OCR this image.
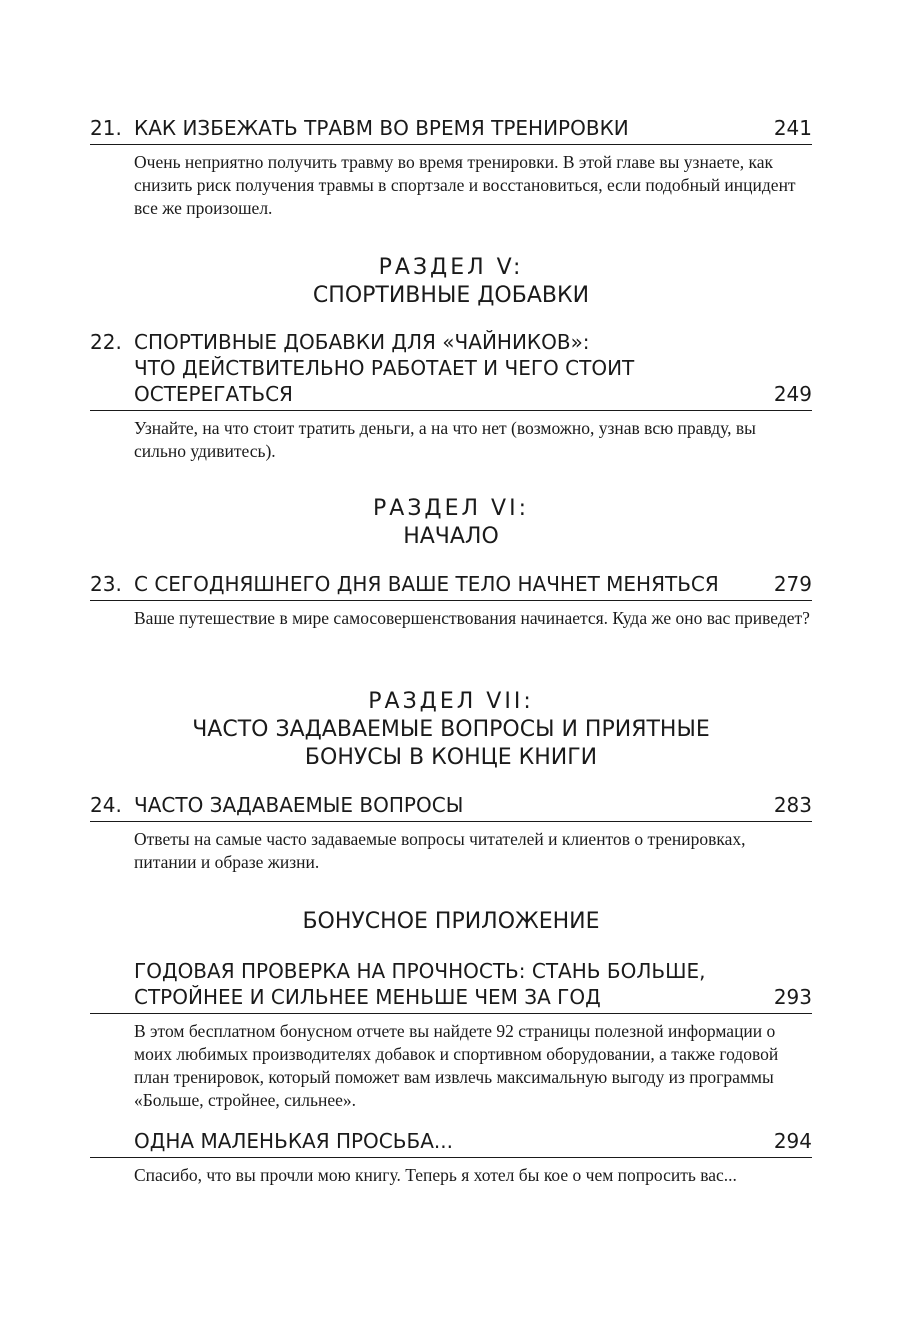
21. КАК ИЗБЕЖАТЬ ТРАВМ ВО ВРЕМЯ ТРЕНИРОВКИ	241
Очень неприятно получить травму во время тренировки. В этой главе вы узнаете, как снизить риск получения травмы в спортзале и восстановиться, если подобный инцидент все же произошел.
РАЗДЕЛ V:
СПОРТИВНЫЕ ДОБАВКИ
22. СПОРТИВНЫЕ ДОБАВКИ ДЛЯ «ЧАЙНИКОВ»:
ЧТО ДЕЙСТВИТЕЛЬНО РАБОТАЕТ И ЧЕГО СТОИТ
ОСТЕРЕГАТЬСЯ	249
Узнайте, на что стоит тратить деньги, а на что нет (возможно, узнав всю правду, вы сильно удивитесь).
РАЗДЕЛ VI:
НАЧАЛО
23. С СЕГОДНЯШНЕГО ДНЯ ВАШЕ ТЕЛО НАЧНЕТ МЕНЯТЬСЯ	279
Ваше путешествие в мире самосовершенствования начинается. Куда же оно вас приведет?
РАЗДЕЛ VII:
ЧАСТО ЗАДАВАЕМЫЕ ВОПРОСЫ И ПРИЯТНЫЕ
БОНУСЫ В КОНЦЕ КНИГИ
24. ЧАСТО ЗАДАВАЕМЫЕ ВОПРОСЫ	283
Ответы на самые часто задаваемые вопросы читателей и клиентов о тренировках, питании и образе жизни.
БОНУСНОЕ ПРИЛОЖЕНИЕ
ГОДОВАЯ ПРОВЕРКА НА ПРОЧНОСТЬ: СТАНЬ БОЛЬШЕ,
СТРОЙНЕЕ И СИЛЬНЕЕ МЕНЬШЕ ЧЕМ ЗА ГОД	293
В этом бесплатном бонусном отчете вы найдете 92 страницы полезной информации о моих любимых производителях добавок и спортивном оборудовании, а также годовой план тренировок, который поможет вам извлечь максимальную выгоду из программы «Больше, стройнее, сильнее».
ОДНА МАЛЕНЬКАЯ ПРОСЬБА...	294
Спасибо, что вы прочли мою книгу. Теперь я хотел бы кое о чем попросить вас...
